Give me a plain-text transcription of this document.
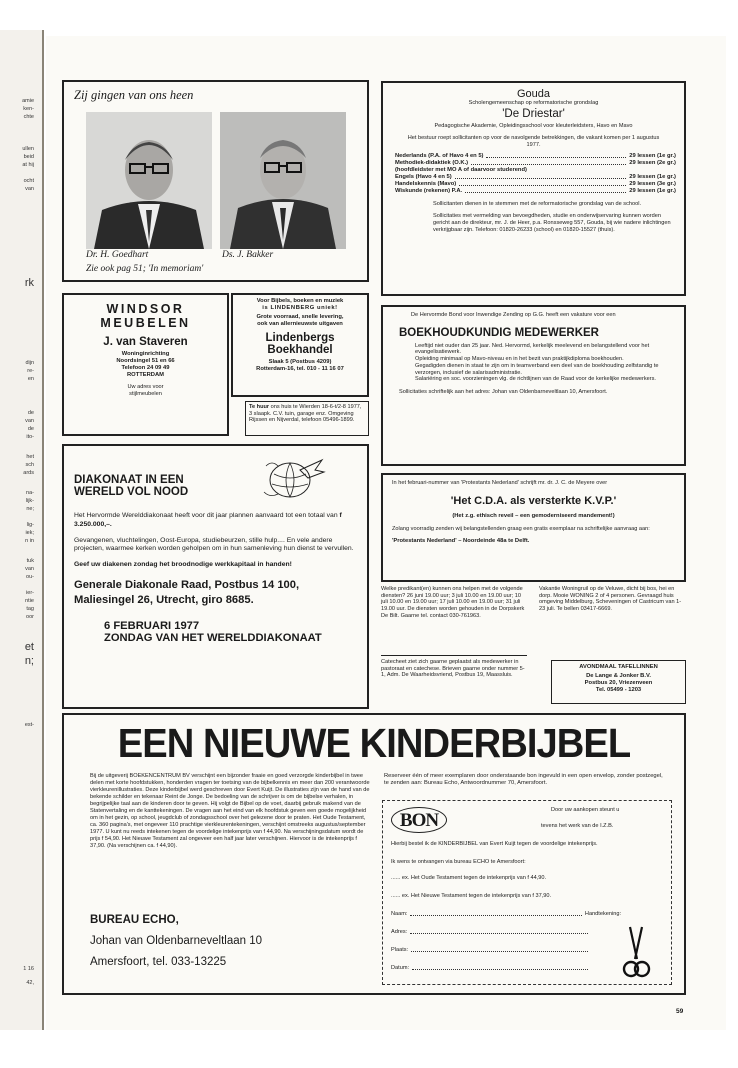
amie
ken-
chte
ullen
beid
at hij
ocht
van
rk
dijn
re-
en
de
van
de
ito-
het
sch
ards
na-
lijk-
ne;
lig-
iek;
n in
tuk
van
ou-
ier-
ntie
tag
oor
et
n;
est-
1 16
42,
Zij gingen van ons heen
Dr. H. Goedhart	Ds. J. Bakker
Zie ook pag 51; 'In memoriam'
Gouda
Scholengemeenschap op reformatorische grondslag
'De Driestar'
Pedagogische Akademie, Opleidingsschool voor kleuterleidsters, Havo en Mavo
Het bestuur roept sollicitanten op voor de navolgende betrekkingen, die vakant komen per 1 augustus 1977.
Nederlands (P.A. of Havo 4 en 5)	29 lessen (1e gr.)
Methodiek-didaktiek (O.K.)	29 lessen (2e gr.)
(hoofdleidster met MO A of daarvoor studerend)
Engels (Havo 4 en 5)	29 lessen (1e gr.)
Handelskennis (Mavo)	29 lessen (3e gr.)
Wiskunde (rekenen) P.A.	29 lessen (1e gr.)
Sollicitanten dienen in te stemmen met de reformatorische grondslag van de school.
Sollicitaties met vermelding van bevoegdheden, studie en onderwijservaring kunnen worden gericht aan de direkteur, mr. J. de Heer, p.a. Ronsseweg 557, Gouda, bij wie nadere inlichtingen verkrijgbaar zijn. Telefoon: 01820-26233 (school) en 01820-15527 (thuis).
WINDSOR
MEUBELEN
J. van Staveren
Woninginrichting
Noordsingel 51 en 66
Telefoon 24 09 49
ROTTERDAM
Uw adres voor
stijlmeubelen
Voor Bijbels, boeken en muziek
is LINDENBERG uniek!
Grote voorraad, snelle levering,
ook van allernieuwste uitgaven
Lindenbergs
Boekhandel
Slaak 5 (Postbus 4209)
Rotterdam-16, tel. 010 - 11 16 07
Te huur ons huis te Wierden 18-6-t/2-8 1977, 3 slaapk. C.V. tuin, garage enz. Omgeving Rijssen en Nijverdal, telefoon 05496-1899.
DIAKONAAT IN EEN
WERELD VOL NOOD
Het Hervormde Werelddiakonaat heeft voor dit jaar plannen aanvaard tot een totaal van f 3.250.000,–.
Gevangenen, vluchtelingen, Oost-Europa, studiebeurzen, stille hulp.... En vele andere projecten, waarmee kerken worden geholpen om in hun samenleving hun dienst te vervullen.
Geef uw diakenen zondag het broodnodige werkkapitaal in handen!
Generale Diakonale Raad, Postbus 14 100, Maliesingel 26, Utrecht, giro 8685.
6 FEBRUARI 1977
ZONDAG VAN HET WERELDDIAKONAAT
De Hervormde Bond voor Inwendige Zending op G.G. heeft een vakature voor een
BOEKHOUDKUNDIG MEDEWERKER
Leeftijd niet ouder dan 25 jaar. Ned. Hervormd, kerkelijk meelevend en belangstellend voor het evangelisatiewerk.
Opleiding minimaal op Mavo-niveau en in het bezit van praktijkdiploma boekhouden.
Gegadigden dienen in staat te zijn om in teamverband een deel van de boekhouding zelfstandig te verzorgen, inclusief de salarisadministratie.
Salariëring en soc. voorzieningen vlg. de richtlijnen van de Raad voor de kerkelijke medewerkers.
Sollicitaties schriftelijk aan het adres: Johan van Oldenbarneveltlaan 10, Amersfoort.
In het februari-nummer van 'Protestants Nederland' schrijft mr. dr. J. C. de Meyere over
'Het C.D.A. als versterkte K.V.P.'
(Het z.g. ethisch reveil – een gemoderniseerd mandement!)
Zolang voorradig zenden wij belangstellenden graag een gratis exemplaar na schriftelijke aanvraag aan:
'Protestants Nederland' – Noordeinde 48a te Delft.
Welke predikant(en) kunnen ons helpen met de volgende diensten? 26 juni 19.00 uur; 3 juli 10.00 en 19.00 uur; 10 juli 10.00 en 19.00 uur; 17 juli 10.00 en 19.00 uur; 31 juli 19.00 uur. De diensten worden gehouden in de Dorpskerk De Bilt. Gaarne tel. contact 030-761963.
Vakantie Woningruil op de Veluwe, dicht bij bos, hei en dorp. Mooie WONING 2 of 4 personen. Gevraagd huis omgeving Middelburg, Scheveningen of Castricum van 1-23 juli. Te bellen 03417-6669.
Catecheet ziet zich gaarne geplaatst als medewerker in pastoraat en catechese. Brieven gaarne onder nummer 5-1, Adm. De Waarheidsvriend, Postbus 19, Maassluis.
AVONDMAAL TAFELLINNEN
De Lange & Jonker B.V.
Postbus 20, Vriezenveen
Tel. 05499 - 1203
EEN NIEUWE KINDERBIJBEL
Bij de uitgeverij BOEKENCENTRUM BV verschijnt een bijzonder fraaie en goed verzorgde kinderbijbel in twee delen met korte hoofdstukken, honderden vragen ter toetsing van de bijbelkennis en meer dan 200 verantwoorde vierkleurenillustraties. Deze kinderbijbel werd geschreven door Evert Kuijt. De illustraties zijn van de hand van de bekende schilder en tekenaar Reint de Jonge. De bedoeling van de schrijver is om de bijbelse verhalen, in begrijpelijke taal aan de kinderen door te geven. Hij volgt de Bijbel op de voet, daarbij gebruik makend van de Statenvertaling en de kanttekeningen. De vragen aan het eind van elk hoofdstuk geven een goede mogelijkheid om in het gezin, op school, jeugdclub of zondagsschool over het gelezene door te praten. Het Oude Testament, ca. 360 pagina's, met ongeveer 110 prachtige vierkleurentekeningen, verschijnt omstreeks augustus/september 1977. U kunt nu reeds intekenen tegen de voordelige intekenprijs van f 44,90. Na verschijningsdatum wordt de prijs f 54,90. Het Nieuwe Testament zal ongeveer een half jaar later verschijnen. Hiervoor is de intekenprijs f 37,90. (Na verschijnen ca. f 44,90).
BUREAU ECHO,
Johan van Oldenbarneveltlaan 10
Amersfoort, tel. 033-13225
Reserveer één of meer exemplaren door onderstaande bon ingevuld in een open envelop, zonder postzegel, te zenden aan: Bureau Echo, Antwoordnummer 70, Amersfoort.
BON	Door uw aankopen steunt u
tevens het werk van de I.Z.B.
Hierbij bestel ik de KINDERBIJBEL van Evert Kuijt tegen de voordelige intekenprijs.
Ik wens te ontvangen via bureau ECHO te Amersfoort:
...... ex. Het Oude Testament tegen de intekenprijs van f 44,90.
...... ex. Het Nieuwe Testament tegen de intekenprijs van f 37,90.
Naam:	Handtekening:
Adres:
Plaats:
Datum:
59
